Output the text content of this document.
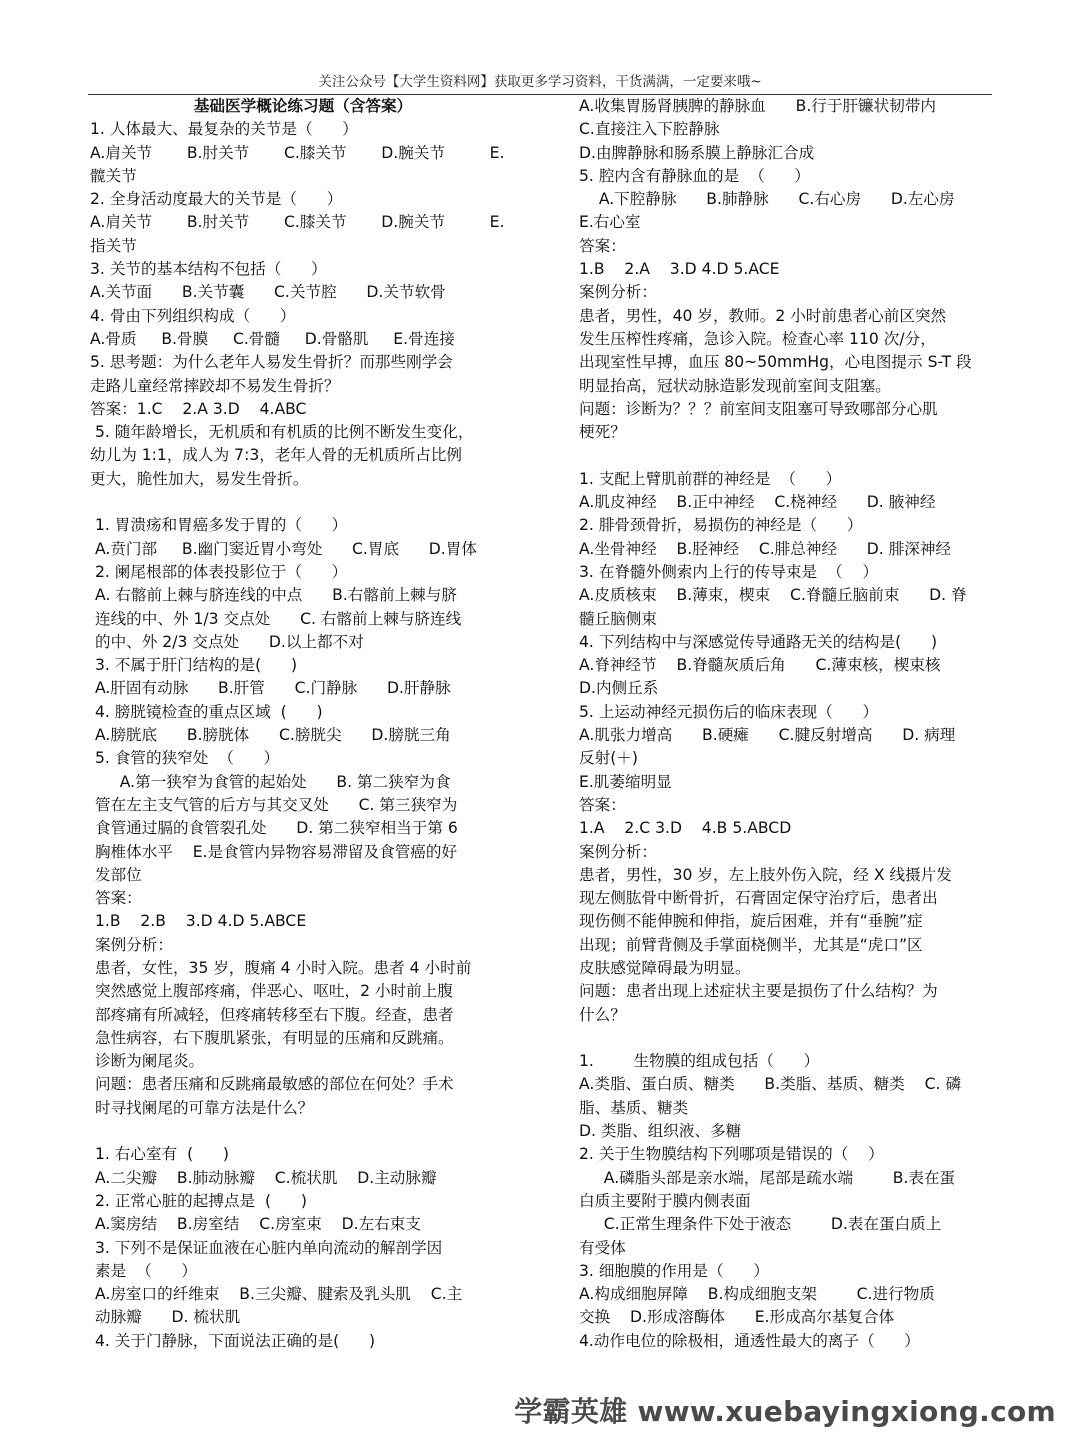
关注公众号【大学生资料网】获取更多学习资料，干货满满，一定要来哦~
基础医学概论练习题（含答案）
1. 人体最大、最复杂的关节是（      ）
A.肩关节       B.肘关节       C.膝关节       D.腕关节         E.
髋关节
2. 全身活动度最大的关节是（      ）
A.肩关节       B.肘关节       C.膝关节       D.腕关节         E.
指关节
3. 关节的基本结构不包括（      ）
A.关节面      B.关节囊      C.关节腔      D.关节软骨
4. 骨由下列组织构成（      ）
A.骨质     B.骨膜     C.骨髓     D.骨骼肌     E.骨连接
5. 思考题：为什么老年人易发生骨折？而那些刚学会
走路儿童经常摔跤却不易发生骨折？
答案：1.C    2.A 3.D    4.ABC
5. 随年龄增长，无机质和有机质的比例不断发生变化，
幼儿为 1:1，成人为 7:3，老年人骨的无机质所占比例
更大，脆性加大，易发生骨折。

1. 胃溃疡和胃癌多发于胃的（      ）
A.贲门部     B.幽门窦近胃小弯处      C.胃底      D.胃体
2. 阑尾根部的体表投影位于（      ）
A. 右髂前上棘与脐连线的中点      B.右髂前上棘与脐
连线的中、外 1/3 交点处      C. 右髂前上棘与脐连线
的中、外 2/3 交点处      D.以上都不对
3. 不属于肝门结构的是(      )
A.肝固有动脉      B.肝管      C.门静脉      D.肝静脉
4. 膀胱镜检查的重点区域  (      )
A.膀胱底      B.膀胱体      C.膀胱尖      D.膀胱三角
5. 食管的狭窄处  （      ）
A.第一狭窄为食管的起始处      B. 第二狭窄为食
管在左主支气管的后方与其交叉处      C. 第三狭窄为
食管通过膈的食管裂孔处      D. 第二狭窄相当于第 6
胸椎体水平    E.是食管内异物容易滞留及食管癌的好
发部位
答案：
1.B    2.B    3.D 4.D 5.ABCE
案例分析：
患者，女性，35 岁，腹痛 4 小时入院。患者 4 小时前
突然感觉上腹部疼痛，伴恶心、呕吐，2 小时前上腹
部疼痛有所减轻，但疼痛转移至右下腹。经查，患者
急性病容，右下腹肌紧张，有明显的压痛和反跳痛。
诊断为阑尾炎。
问题：患者压痛和反跳痛最敏感的部位在何处？手术
时寻找阑尾的可靠方法是什么？

1. 右心室有  (      )
A.二尖瓣    B.肺动脉瓣    C.梳状肌    D.主动脉瓣
2. 正常心脏的起搏点是  (      )
A.窦房结    B.房室结    C.房室束    D.左右束支
3. 下列不是保证血液在心脏内单向流动的解剖学因
素是  （      ）
A.房室口的纤维束    B.三尖瓣、腱索及乳头肌    C.主
动脉瓣      D. 梳状肌
4. 关于门静脉，下面说法正确的是(      )
A.收集胃肠肾胰脾的静脉血      B.行于肝镰状韧带内
C.直接注入下腔静脉
D.由脾静脉和肠系膜上静脉汇合成
5. 腔内含有静脉血的是  （      ）
A.下腔静脉      B.肺静脉      C.右心房      D.左心房
E.右心室
答案：
1.B    2.A    3.D 4.D 5.ACE
案例分析：
患者，男性，40 岁，教师。2 小时前患者心前区突然
发生压榨性疼痛，急诊入院。检查心率 110 次/分，
出现室性早搏，血压 80~50mmHg，心电图提示 S-T 段
明显抬高，冠状动脉造影发现前室间支阻塞。
问题：诊断为？？？前室间支阻塞可导致哪部分心肌
梗死？

1. 支配上臂肌前群的神经是  （      ）
A.肌皮神经    B.正中神经    C.桡神经      D. 腋神经
2. 腓骨颈骨折，易损伤的神经是（      ）
A.坐骨神经    B.胫神经    C.腓总神经      D. 腓深神经
3. 在脊髓外侧索内上行的传导束是  （    ）
A.皮质核束    B.薄束，楔束    C.脊髓丘脑前束      D. 脊
髓丘脑侧束
4. 下列结构中与深感觉传导通路无关的结构是(      )
A.脊神经节    B.脊髓灰质后角      C.薄束核，楔束核
D.内侧丘系
5. 上运动神经元损伤后的临床表现（      ）
A.肌张力增高      B.硬瘫      C.腱反射增高      D. 病理
反射(＋)
E.肌萎缩明显
答案：
1.A    2.C 3.D    4.B 5.ABCD
案例分析：
患者，男性，30 岁，左上肢外伤入院，经 X 线摄片发
现左侧肱骨中断骨折，石膏固定保守治疗后，患者出
现伤侧不能伸腕和伸指，旋后困难，并有“垂腕”症
出现；前臂背侧及手掌面桡侧半，尤其是“虎口”区
皮肤感觉障碍最为明显。
问题：患者出现上述症状主要是损伤了什么结构？为
什么？

1.        生物膜的组成包括（      ）
A.类脂、蛋白质、糖类      B.类脂、基质、糖类    C. 磷
脂、基质、糖类
D. 类脂、组织液、多糖
2. 关于生物膜结构下列哪项是错误的（    ）
A.磷脂头部是亲水端，尾部是疏水端        B.表在蛋
白质主要附于膜内侧表面
C.正常生理条件下处于液态        D.表在蛋白质上
有受体
3. 细胞膜的作用是（      ）
A.构成细胞屏障    B.构成细胞支架        C.进行物质
交换    D.形成溶酶体      E.形成高尔基复合体
4.动作电位的除极相，通透性最大的离子（      ）
学霸英雄 www.xuebayingxiong.com
